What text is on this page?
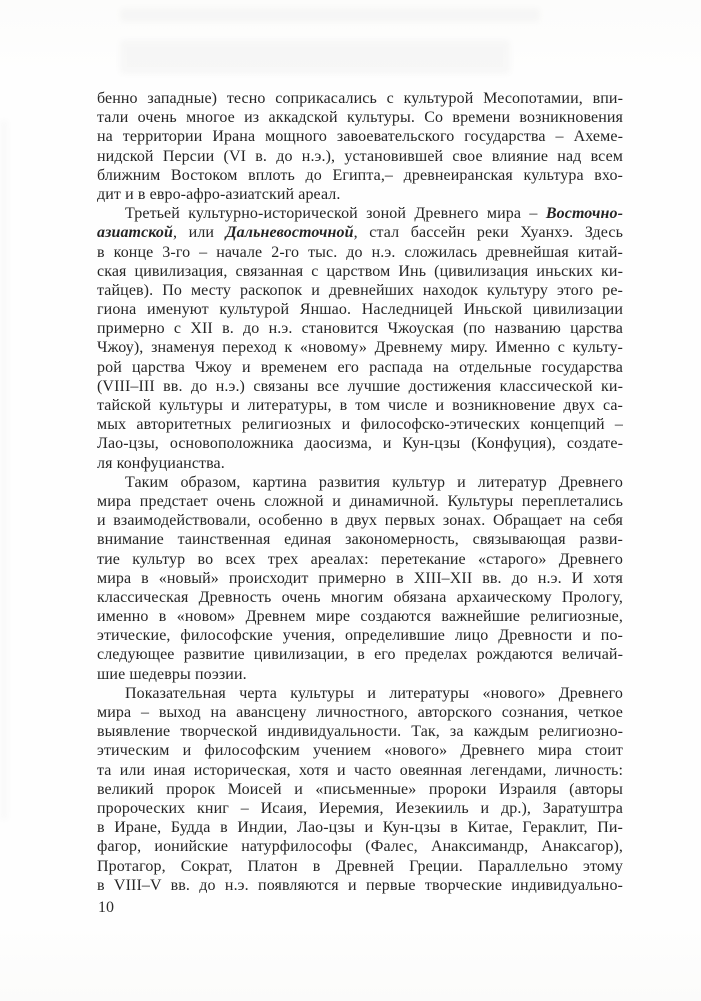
бенно западные) тесно соприкасались с культурой Месопотамии, впи-
тали очень многое из аккадской культуры. Со времени возникновения
на территории Ирана мощного завоевательского государства – Ахеме-
нидской Персии (VI в. до н.э.), установившей свое влияние над всем
ближним Востоком вплоть до Египта,– древнеиранская культура вхо-
дит и в евро-афро-азиатский ареал.
Третьей культурно-исторической зоной Древнего мира – Восточно-
азиатской, или Дальневосточной, стал бассейн реки Хуанхэ. Здесь
в конце 3-го – начале 2-го тыс. до н.э. сложилась древнейшая китай-
ская цивилизация, связанная с царством Инь (цивилизация иньских ки-
тайцев). По месту раскопок и древнейших находок культуру этого ре-
гиона именуют культурой Яншао. Наследницей Иньской цивилизации
примерно с XII в. до н.э. становится Чжоуская (по названию царства
Чжоу), знаменуя переход к «новому» Древнему миру. Именно с культу-
рой царства Чжоу и временем его распада на отдельные государства
(VIII–III вв. до н.э.) связаны все лучшие достижения классической ки-
тайской культуры и литературы, в том числе и возникновение двух са-
мых авторитетных религиозных и философско-этических концепций –
Лао-цзы, основоположника даосизма, и Кун-цзы (Конфуция), создате-
ля конфуцианства.
Таким образом, картина развития культур и литератур Древнего
мира предстает очень сложной и динамичной. Культуры переплетались
и взаимодействовали, особенно в двух первых зонах. Обращает на себя
внимание таинственная единая закономерность, связывающая разви-
тие культур во всех трех ареалах: перетекание «старого» Древнего
мира в «новый» происходит примерно в XIII–XII вв. до н.э. И хотя
классическая Древность очень многим обязана архаическому Прологу,
именно в «новом» Древнем мире создаются важнейшие религиозные,
этические, философские учения, определившие лицо Древности и по-
следующее развитие цивилизации, в его пределах рождаются величай-
шие шедевры поэзии.
Показательная черта культуры и литературы «нового» Древнего
мира – выход на авансцену личностного, авторского сознания, четкое
выявление творческой индивидуальности. Так, за каждым религиозно-
этическим и философским учением «нового» Древнего мира стоит
та или иная историческая, хотя и часто овеянная легендами, личность:
великий пророк Моисей и «письменные» пророки Израиля (авторы
пророческих книг – Исаия, Иеремия, Иезекииль и др.), Заратуштра
в Иране, Будда в Индии, Лао-цзы и Кун-цзы в Китае, Гераклит, Пи-
фагор, ионийские натурфилософы (Фалес, Анаксимандр, Анаксагор),
Протагор, Сократ, Платон в Древней Греции. Параллельно этому
в VIII–V вв. до н.э. появляются и первые творческие индивидуально-
10
